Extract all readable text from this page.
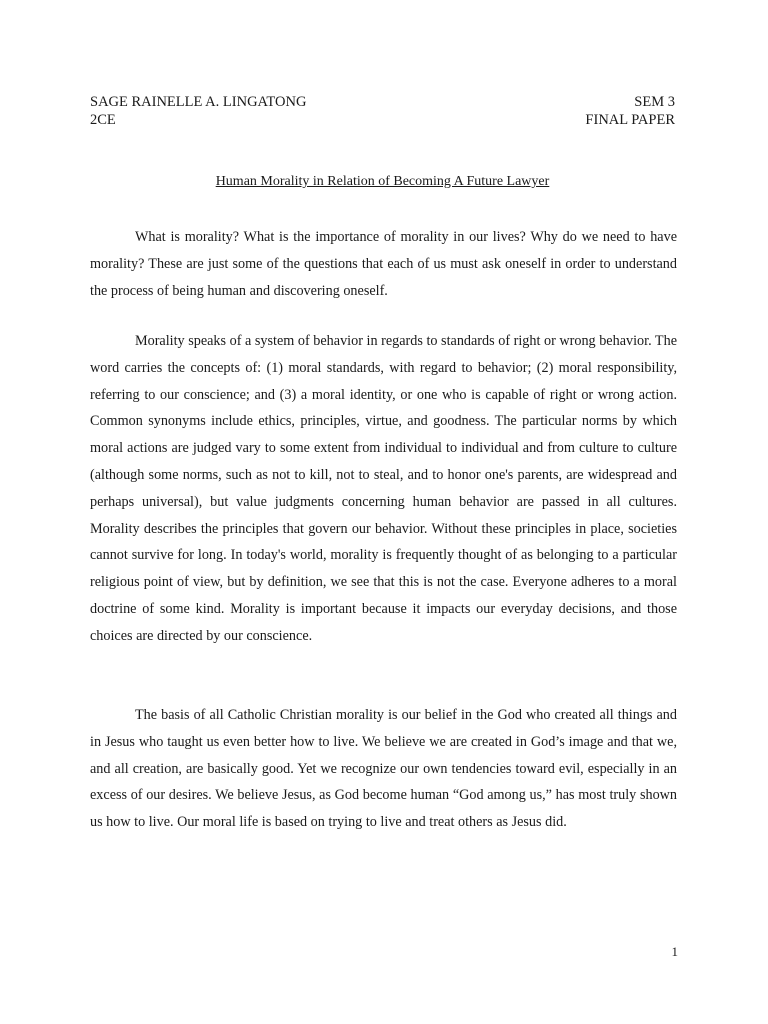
SAGE RAINELLE A. LINGATONG	SEM 3
2CE	FINAL PAPER
Human Morality in Relation of Becoming A Future Lawyer

What is morality? What is the importance of morality in our lives? Why do we need to have morality? These are just some of the questions that each of us must ask oneself in order to understand the process of being human and discovering oneself.

Morality speaks of a system of behavior in regards to standards of right or wrong behavior. The word carries the concepts of: (1) moral standards, with regard to behavior; (2) moral responsibility, referring to our conscience; and (3) a moral identity, or one who is capable of right or wrong action. Common synonyms include ethics, principles, virtue, and goodness. The particular norms by which moral actions are judged vary to some extent from individual to individual and from culture to culture (although some norms, such as not to kill, not to steal, and to honor one's parents, are widespread and perhaps universal), but value judgments concerning human behavior are passed in all cultures. Morality describes the principles that govern our behavior. Without these principles in place, societies cannot survive for long. In today's world, morality is frequently thought of as belonging to a particular religious point of view, but by definition, we see that this is not the case. Everyone adheres to a moral doctrine of some kind. Morality is important because it impacts our everyday decisions, and those choices are directed by our conscience.

The basis of all Catholic Christian morality is our belief in the God who created all things and in Jesus who taught us even better how to live. We believe we are created in God’s image and that we, and all creation, are basically good. Yet we recognize our own tendencies toward evil, especially in an excess of our desires. We believe Jesus, as God become human “God among us,” has most truly shown us how to live. Our moral life is based on trying to live and treat others as Jesus did.

1
